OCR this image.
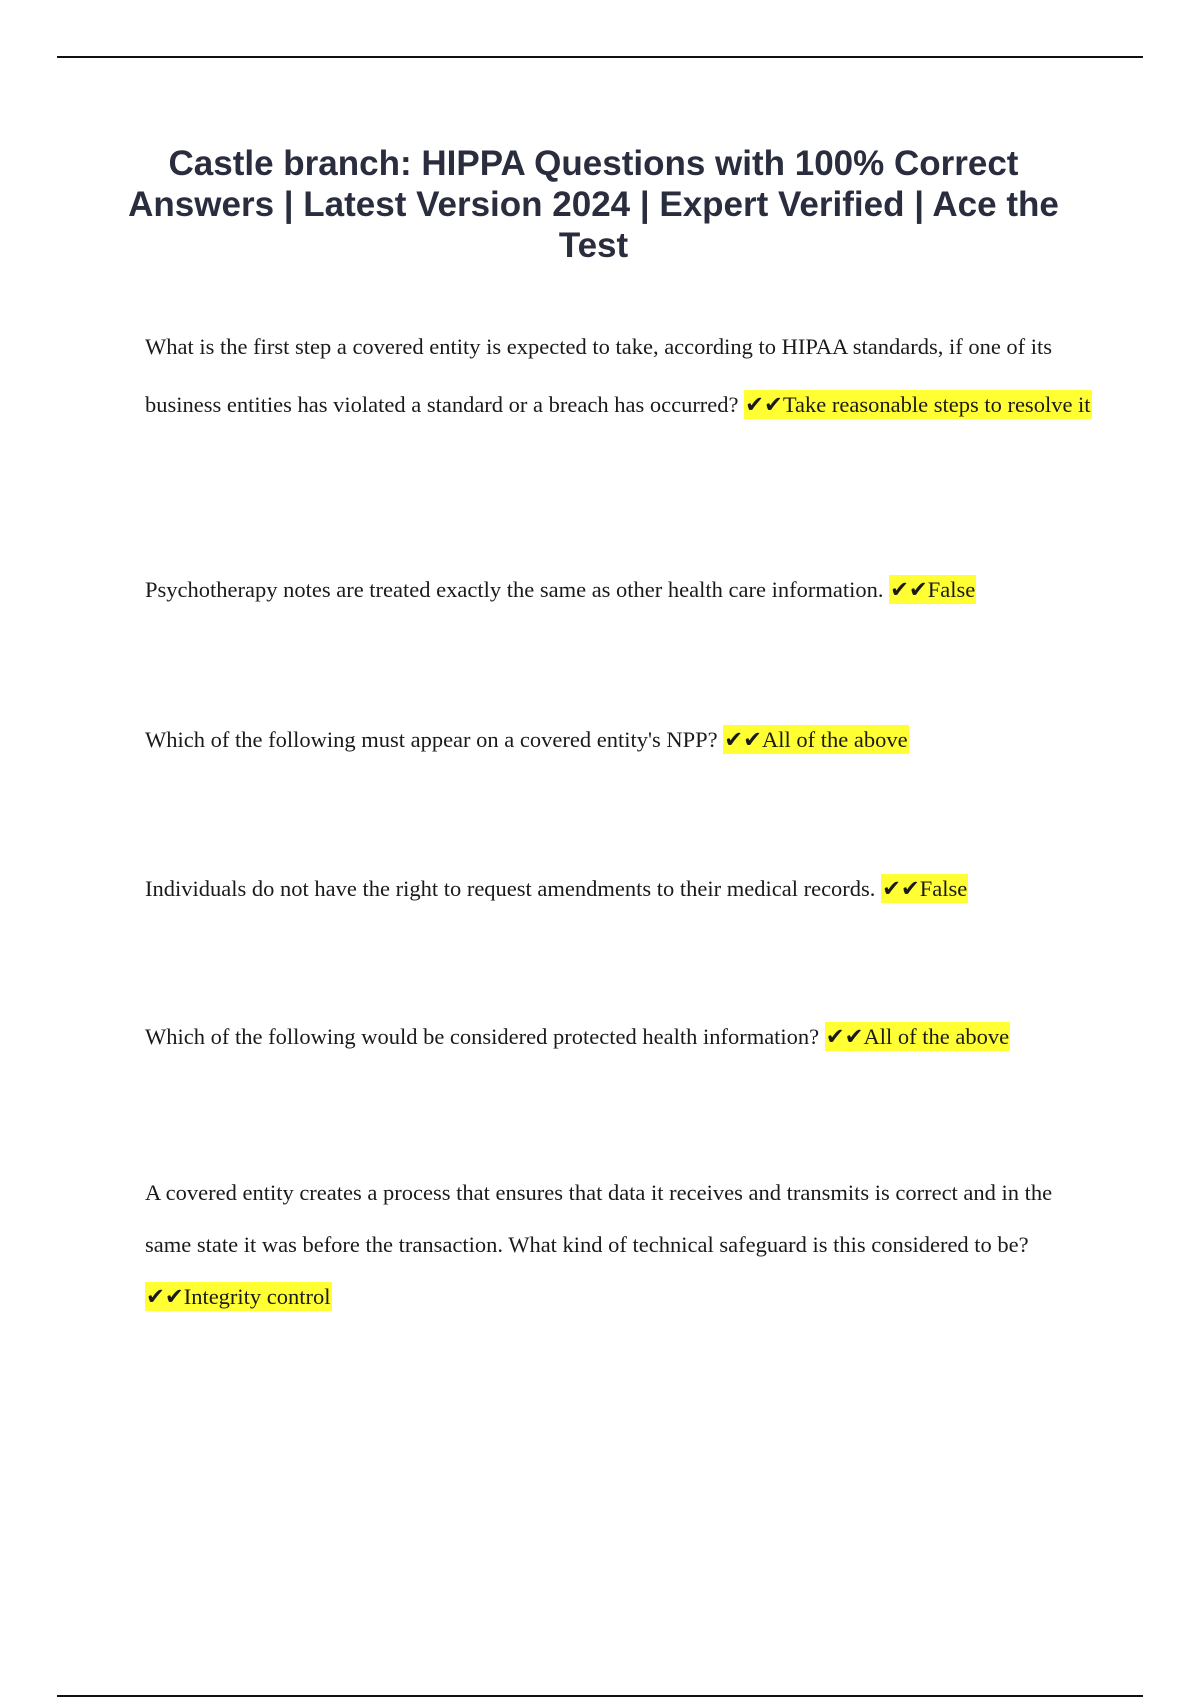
Castle branch: HIPPA Questions with 100% Correct Answers | Latest Version 2024 | Expert Verified | Ace the Test

What is the first step a covered entity is expected to take, according to HIPAA standards, if one of its business entities has violated a standard or a breach has occurred? ✔✔Take reasonable steps to resolve it

Psychotherapy notes are treated exactly the same as other health care information. ✔✔False

Which of the following must appear on a covered entity's NPP? ✔✔All of the above

Individuals do not have the right to request amendments to their medical records. ✔✔False

Which of the following would be considered protected health information? ✔✔All of the above

A covered entity creates a process that ensures that data it receives and transmits is correct and in the same state it was before the transaction. What kind of technical safeguard is this considered to be? ✔✔Integrity control
